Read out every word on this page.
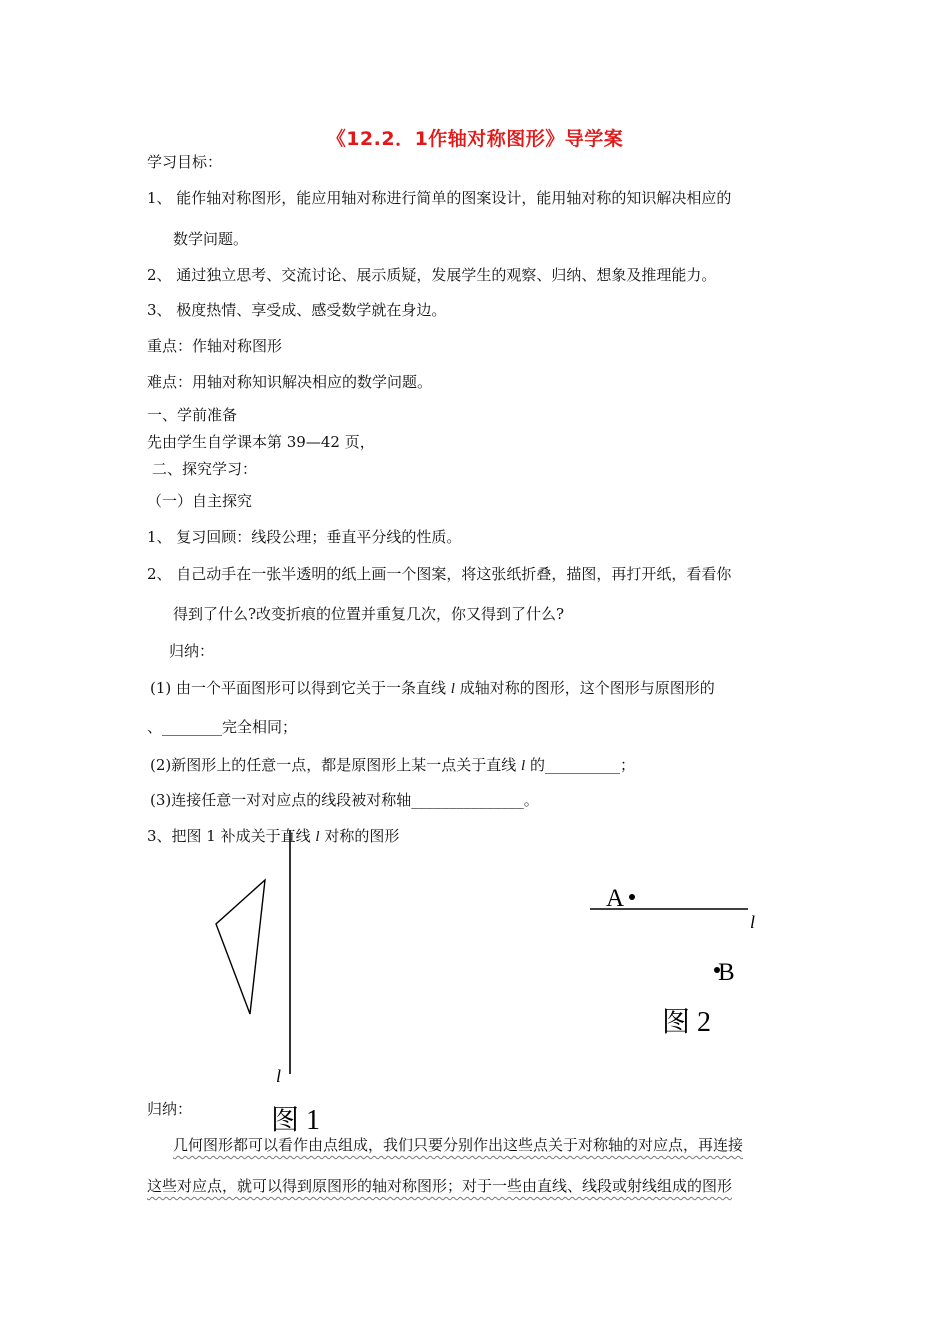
《12.2．1作轴对称图形》导学案
学习目标：
1、 能作轴对称图形，能应用轴对称进行简单的图案设计，能用轴对称的知识解决相应的
数学问题。
2、 通过独立思考、交流讨论、展示质疑，发展学生的观察、归纳、想象及推理能力。
3、 极度热情、享受成、感受数学就在身边。
重点：作轴对称图形
难点：用轴对称知识解决相应的数学问题。
一、学前准备
先由学生自学课本第 39—42 页，
二、探究学习：
（一）自主探究
1、 复习回顾：线段公理；垂直平分线的性质。
2、 自己动手在一张半透明的纸上画一个图案，将这张纸折叠，描图，再打开纸，看看你
得到了什么?改变折痕的位置并重复几次，你又得到了什么?
归纳：
(1) 由一个平面图形可以得到它关于一条直线 l 成轴对称的图形，这个图形与原图形的
、________完全相同；
(2)新图形上的任意一点，都是原图形上某一点关于直线 l 的__________；
(3)连接任意一对对应点的线段被对称轴_______________。
3、把图 1 补成关于直线 l 对称的图形
l
图 1
A
l
B
图 2
归纳：
几何图形都可以看作由点组成，我们只要分别作出这些点关于对称轴的对应点，再连接
这些对应点，就可以得到原图形的轴对称图形；对于一些由直线、线段或射线组成的图形
